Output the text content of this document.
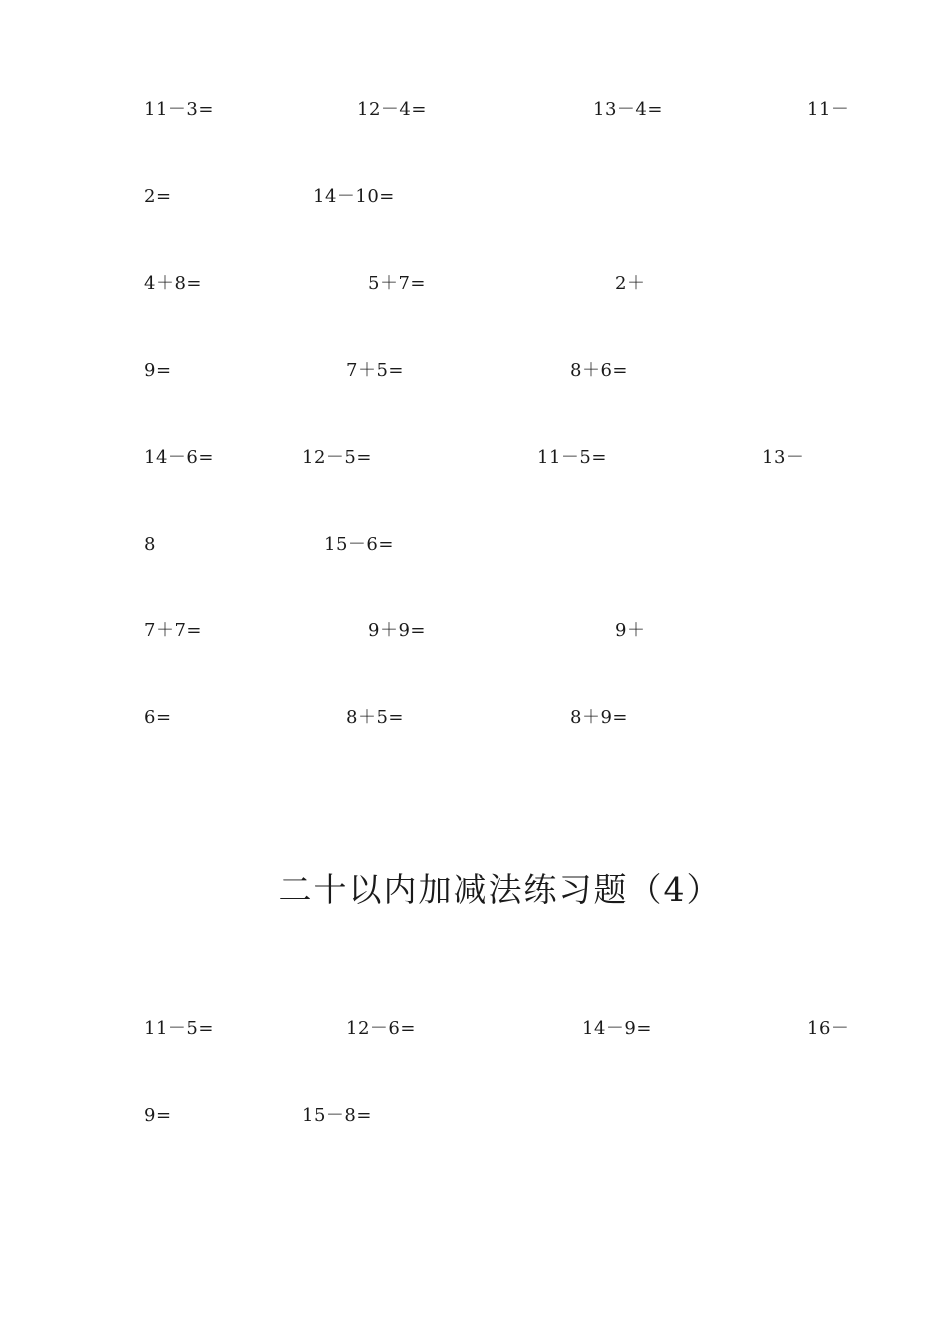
11－3=	12－4=	13－4=	11－
2=	14－10=
4＋8=	5＋7=	2＋
9=	7＋5=	8＋6=
14－6=	12－5=	11－5=	13－
8	15－6=
7＋7=	9＋9=	9＋
6=	8＋5=	8＋9=
二十以内加减法练习题（4）
11－5=	12－6=	14－9=	16－
9=	15－8=
